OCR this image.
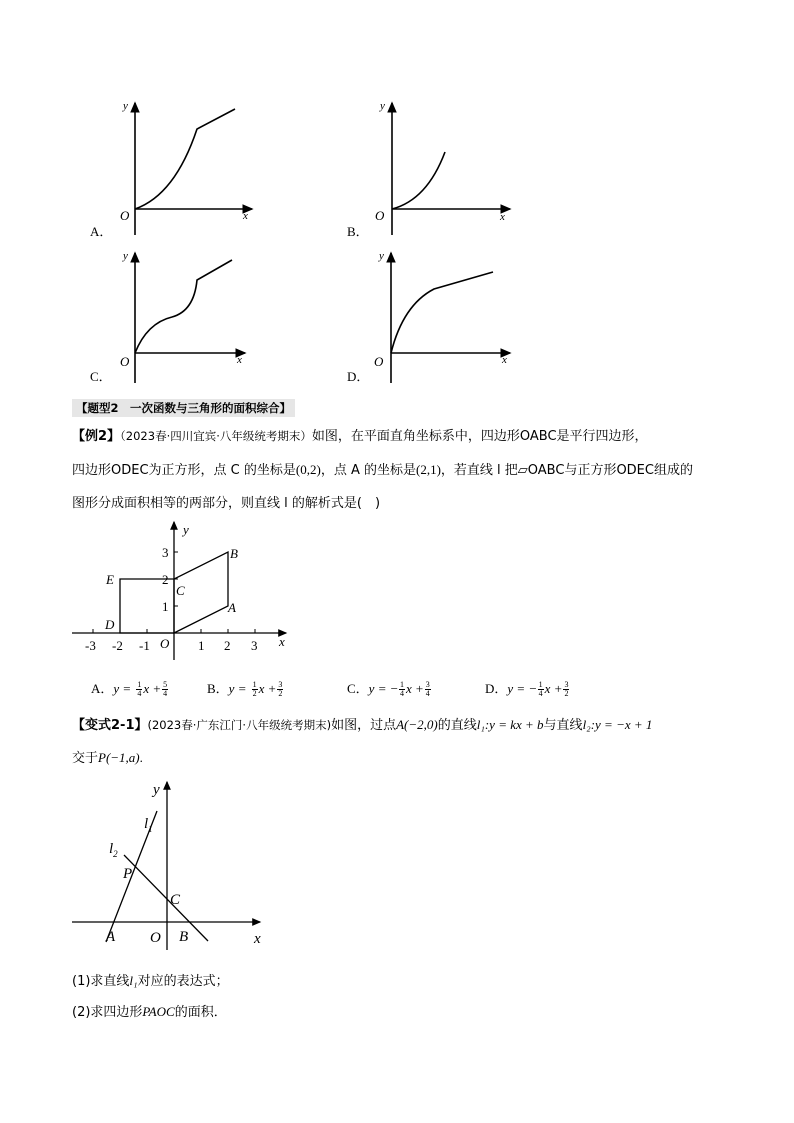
y
x
O
A．
y
x
O
B．
y
x
O
C．
y
x
O
D．
【题型2　一次函数与三角形的面积综合】
【例2】（2023春·四川宜宾·八年级统考期末）如图，在平面直角坐标系中，四边形OABC是平行四边形，
四边形ODEC为正方形，点 C 的坐标是(0,2)，点 A 的坐标是(2,1)，若直线 l 把▱OABC与正方形ODEC组成的
图形分成面积相等的两部分，则直线 l 的解析式是(　)
-3 -2 -1	1 2 3
1
2
3
y
x
O
B
A
C
E
D
A．$y = \frac{1}{4}$ $x + \frac{5}{4}$	B．$y = \frac{1}{2}$ $x + \frac{3}{2}$	C．y = − $\frac{1}{4}$ $x + \frac{3}{4}$	D．y = − $\frac{1}{4}$ $x + \frac{3}{2}$
【变式2-1】(2023春·广东江门·八年级统考期末)如图，过点A(−2,0)的直线l₁:y = kx + b与直线l₂:y = −x + 1
交于P(−1,a).
y
x
O
$l_1$
$l_2$
P
C
A	B
(1)求直线l₁对应的表达式；
(2)求四边形PAOC的面积．
